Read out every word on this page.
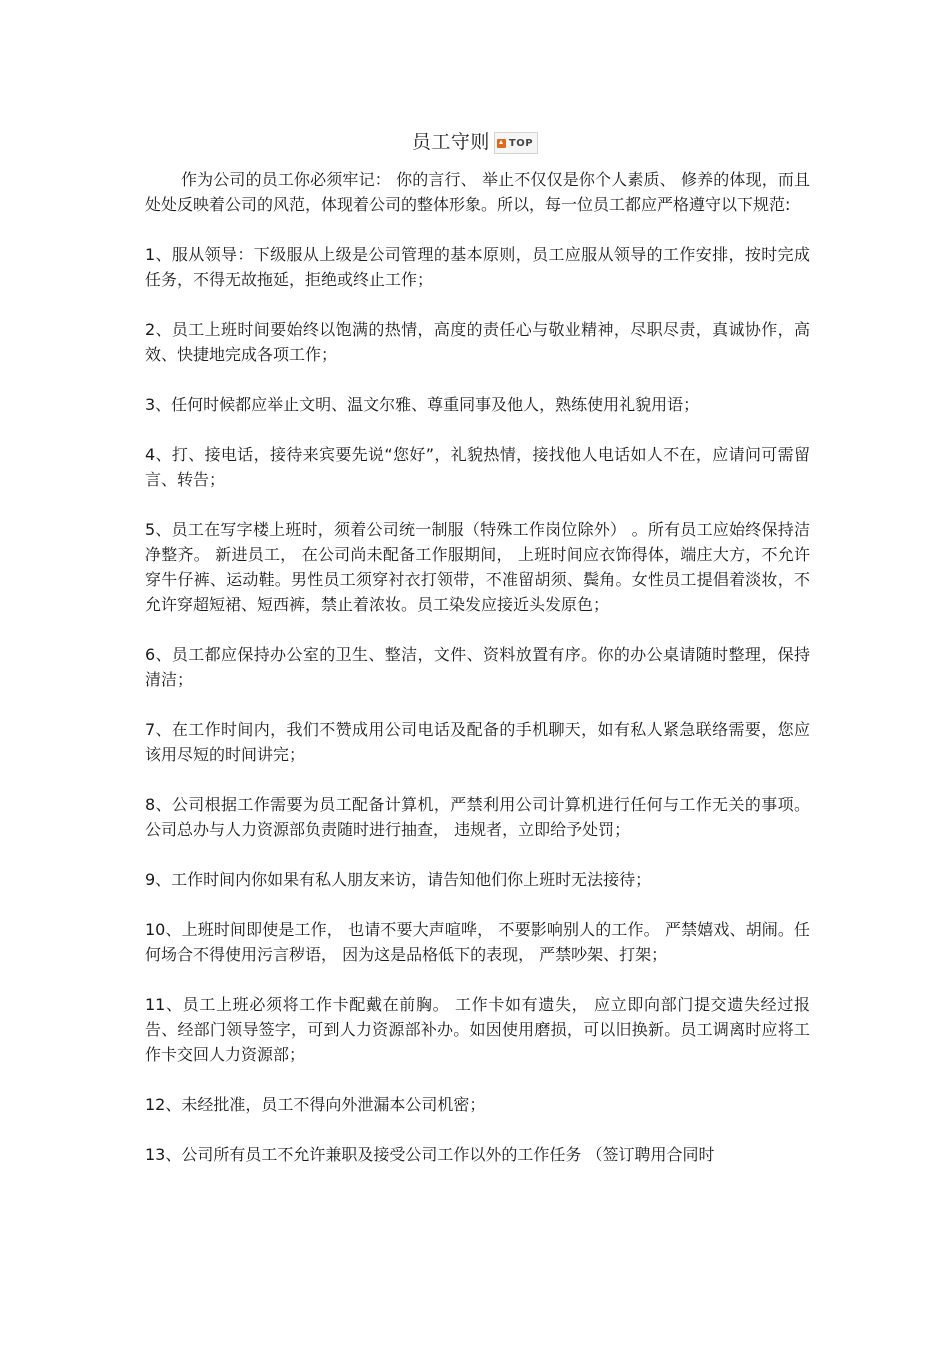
员工守则 TOP

作为公司的员工你必须牢记： 你的言行、 举止不仅仅是你个人素质、 修养的体现，而且处处反映着公司的风范，体现着公司的整体形象。所以，每一位员工都应严格遵守以下规范:

1、服从领导：下级服从上级是公司管理的基本原则，员工应服从领导的工作安排，按时完成任务，不得无故拖延，拒绝或终止工作；

2、员工上班时间要始终以饱满的热情，高度的责任心与敬业精神，尽职尽责，真诚协作，高效、快捷地完成各项工作；

3、任何时候都应举止文明、温文尔雅、尊重同事及他人，熟练使用礼貌用语；

4、打、接电话，接待来宾要先说“您好”，礼貌热情，接找他人电话如人不在，应请问可需留言、转告；

5、员工在写字楼上班时，须着公司统一制服（特殊工作岗位除外） 。所有员工应始终保持洁净整齐。 新进员工， 在公司尚未配备工作服期间， 上班时间应衣饰得体，端庄大方，不允许穿牛仔裤、运动鞋。男性员工须穿衬衣打领带，不准留胡须、鬓角。女性员工提倡着淡妆，不允许穿超短裙、短西裤，禁止着浓妆。员工染发应接近头发原色；

6、员工都应保持办公室的卫生、整洁，文件、资料放置有序。你的办公桌请随时整理，保持清洁；

7、在工作时间内，我们不赞成用公司电话及配备的手机聊天，如有私人紧急联络需要，您应该用尽短的时间讲完；

8、公司根据工作需要为员工配备计算机，严禁利用公司计算机进行任何与工作无关的事项。公司总办与人力资源部负责随时进行抽查， 违规者，立即给予处罚；

9、工作时间内你如果有私人朋友来访，请告知他们你上班时无法接待；

10、上班时间即使是工作， 也请不要大声喧哗， 不要影响别人的工作。 严禁嬉戏、胡闹。任何场合不得使用污言秽语， 因为这是品格低下的表现， 严禁吵架、打架；

11、员工上班必须将工作卡配戴在前胸。 工作卡如有遗失， 应立即向部门提交遗失经过报告、经部门领导签字，可到人力资源部补办。如因使用磨损，可以旧换新。员工调离时应将工作卡交回人力资源部；

12、未经批准，员工不得向外泄漏本公司机密；

13、公司所有员工不允许兼职及接受公司工作以外的工作任务 （签订聘用合同时
